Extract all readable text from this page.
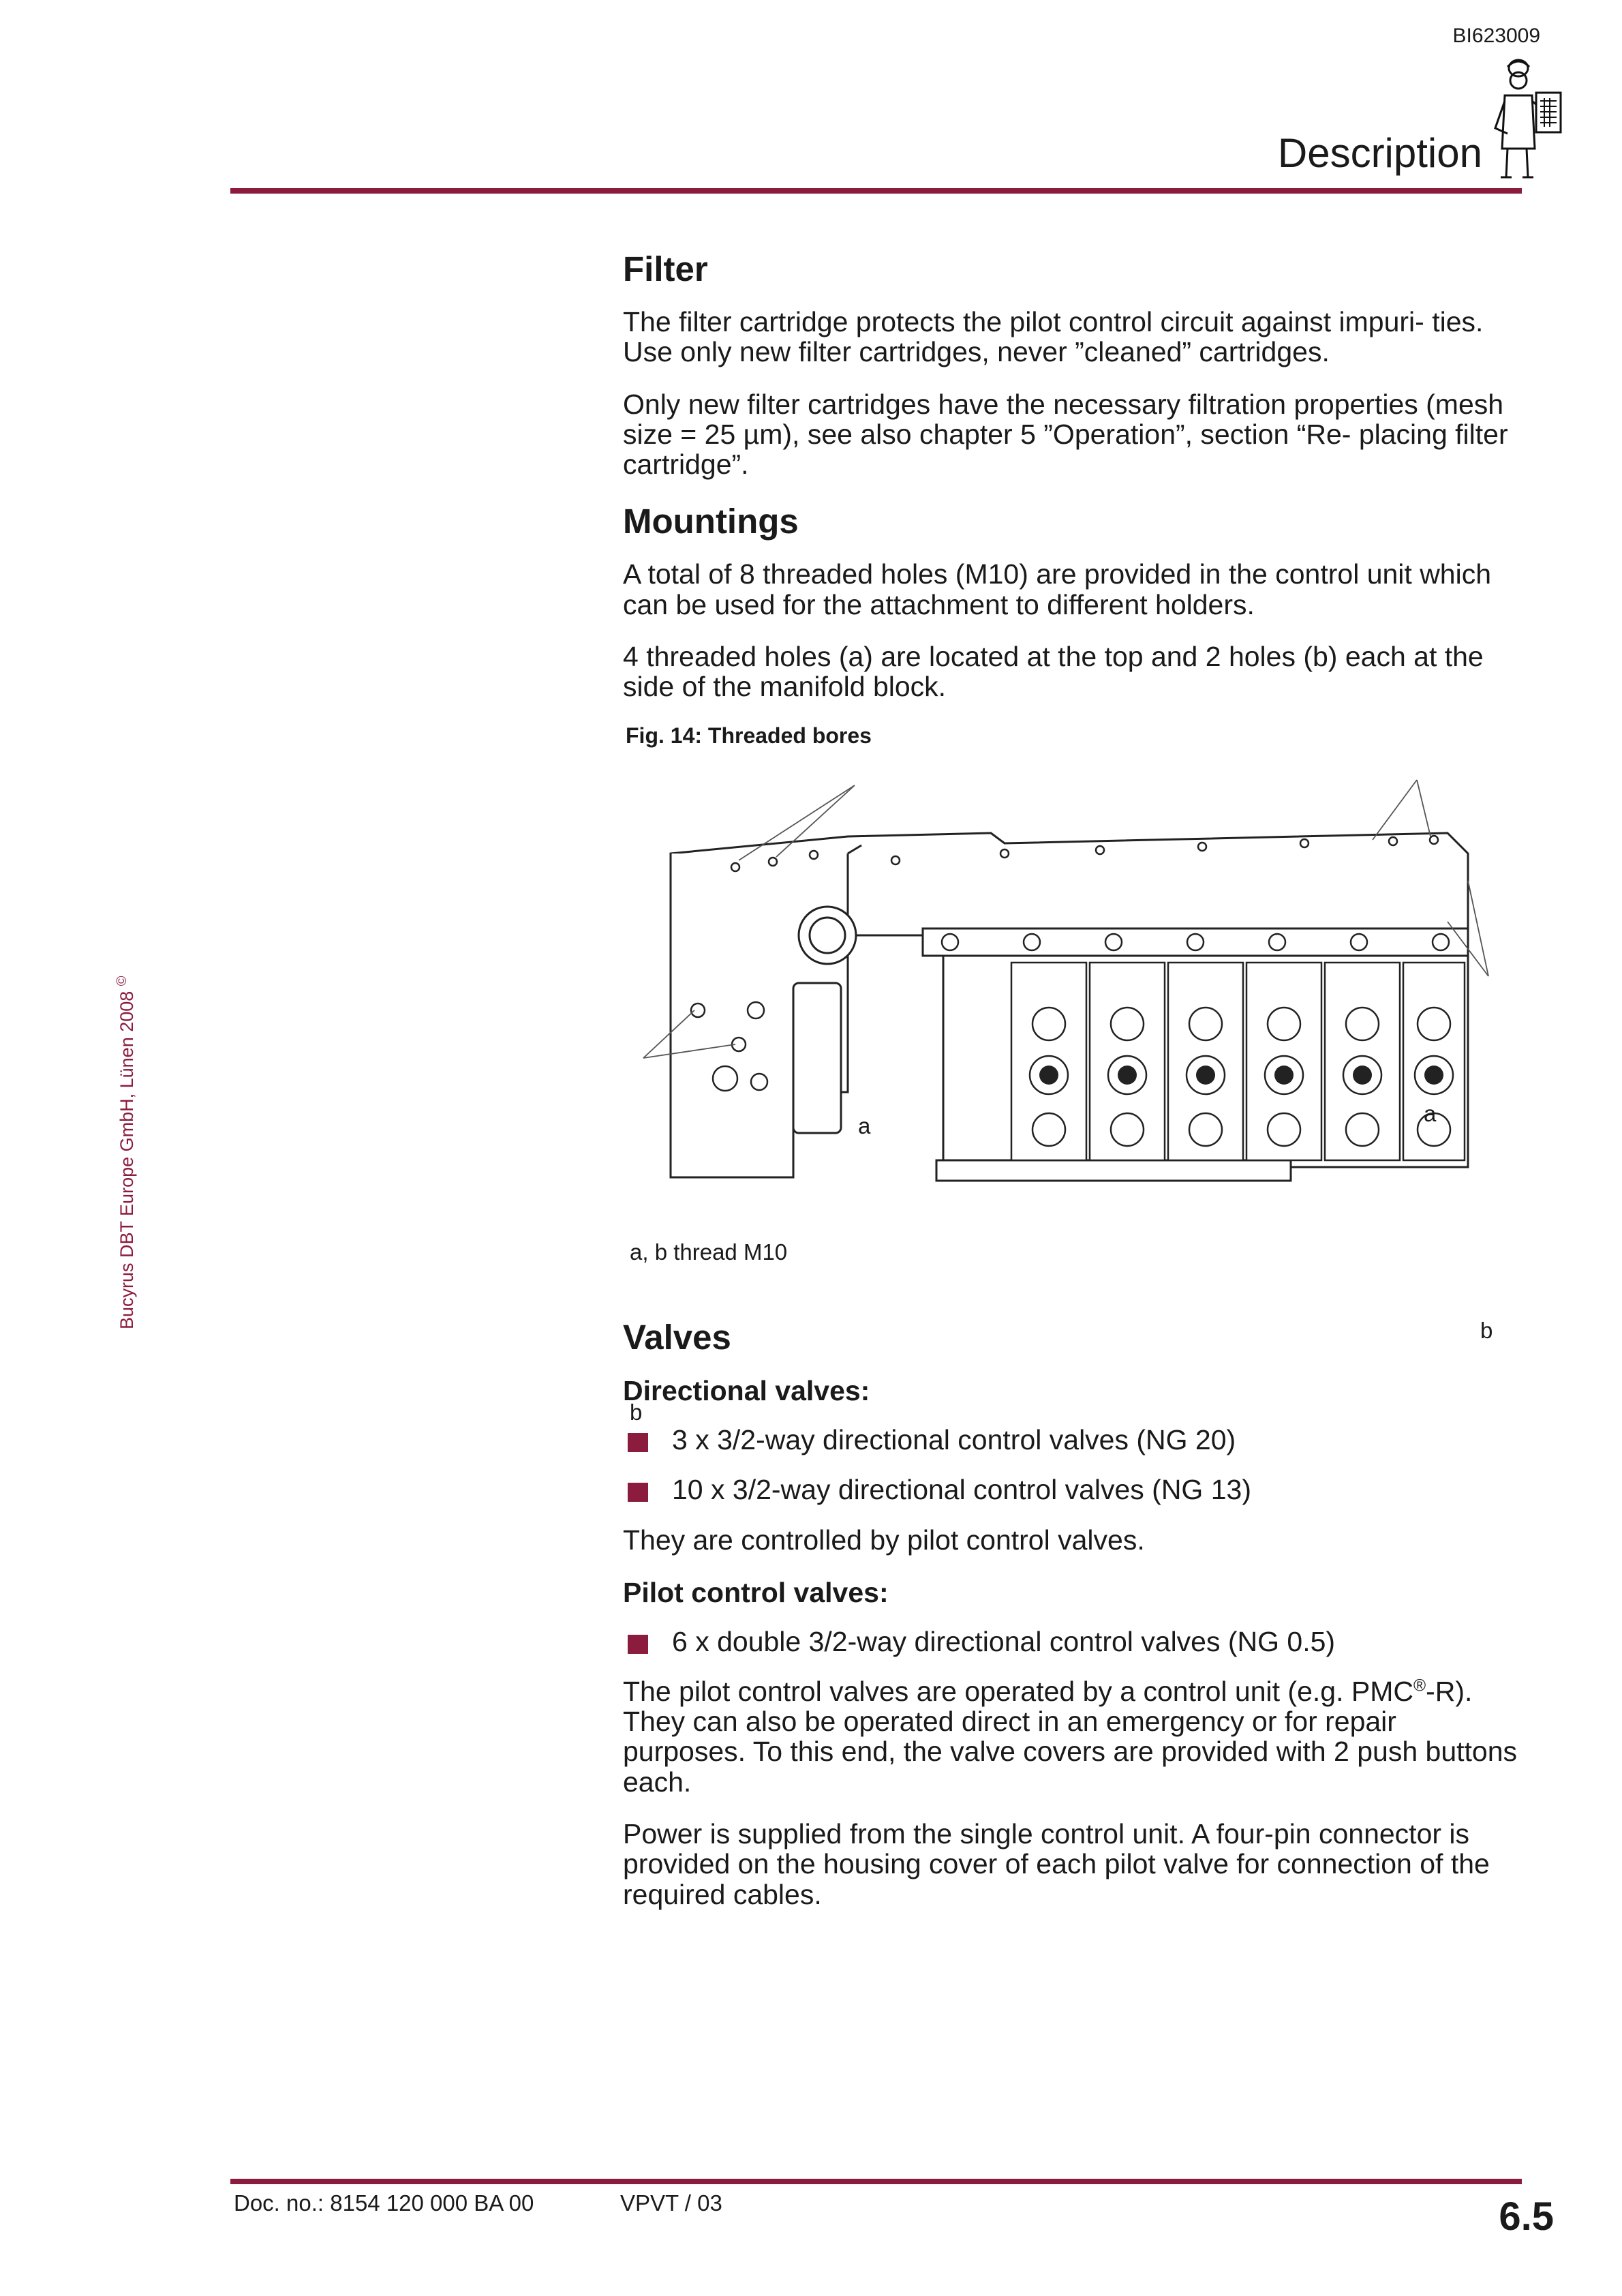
BI623009
Description
Bucyrus DBT Europe GmbH, Lünen 2008 ©
Filter

The filter cartridge protects the pilot control circuit against impuri- ties. Use only new filter cartridges, never ”cleaned” cartridges.

Only new filter cartridges have the necessary filtration properties (mesh size = 25 µm), see also chapter 5 ”Operation”, section “Re- placing filter cartridge”.

Mountings

A total of 8 threaded holes (M10) are provided in the control unit which can be used for the attachment to different holders.

4 threaded holes (a) are located at the top and 2 holes (b) each at the side of the manifold block.

Fig. 14: Threaded bores
a	a
b
b
a, b thread M10
Valves
Directional valves:
3 x 3/2-way directional control valves (NG 20)
10 x 3/2-way directional control valves (NG 13)

They are controlled by pilot control valves.

Pilot control valves:
6 x double 3/2-way directional control valves (NG 0.5)

The pilot control valves are operated by a control unit (e.g. PMC®-R). They can also be operated direct in an emergency or for repair purposes. To this end, the valve covers are provided with 2 push buttons each.

Power is supplied from the single control unit. A four-pin connector is provided on the housing cover of each pilot valve for connection of the required cables.

Doc. no.: 8154 120 000 BA 00	VPVT / 03	6.5
